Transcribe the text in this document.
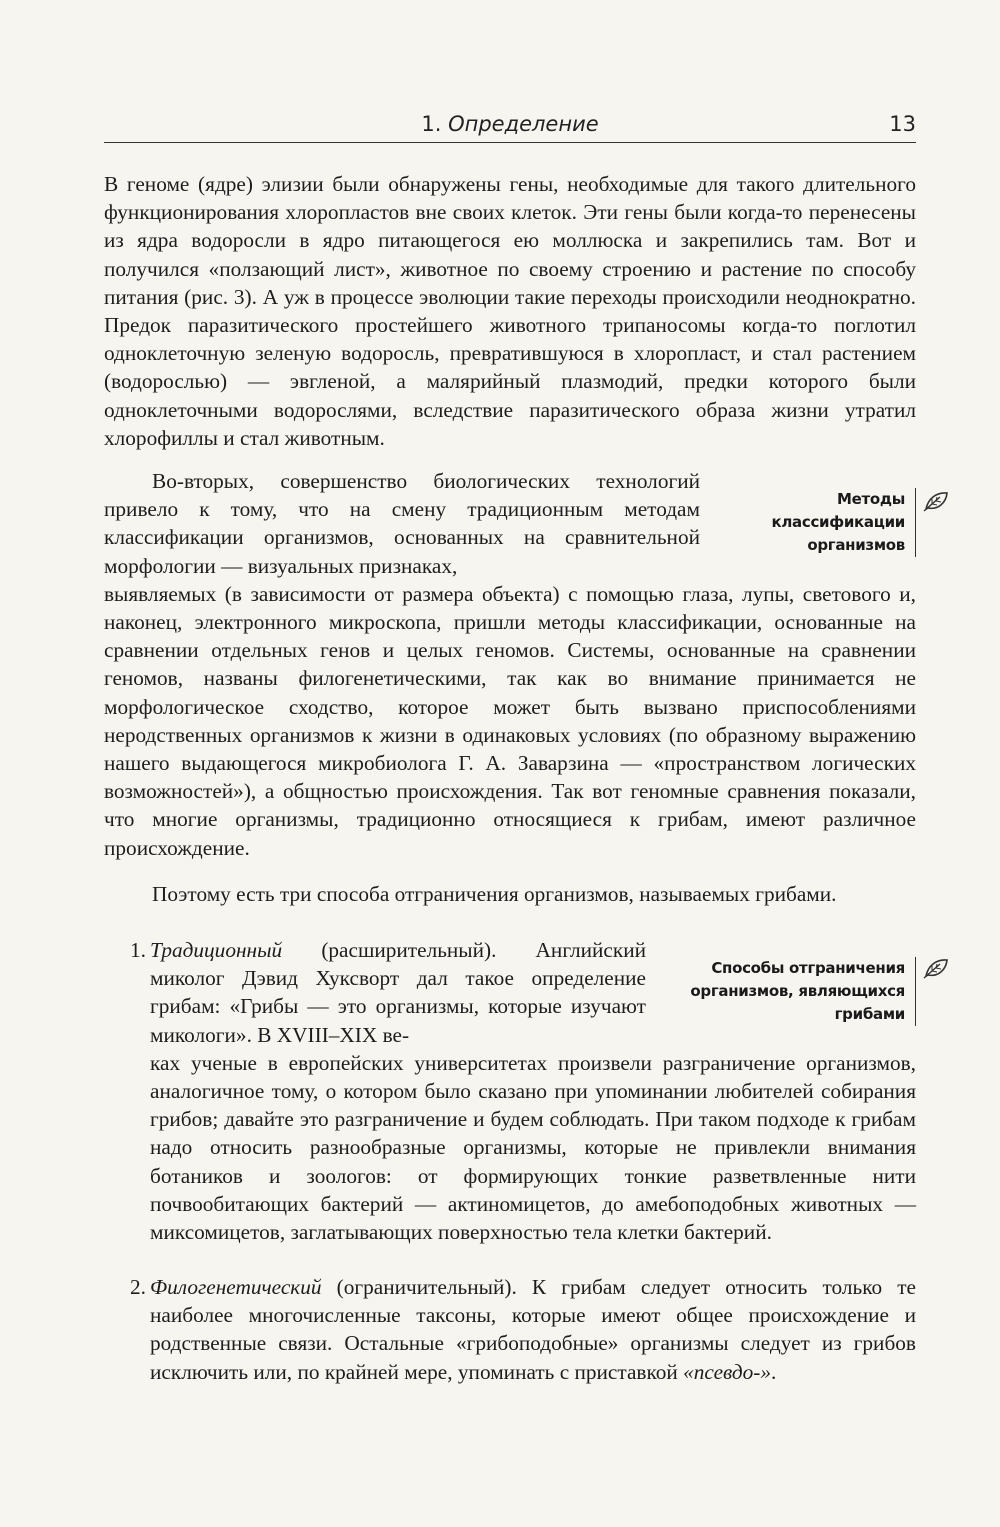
1. Определение	13

В геноме (ядре) элизии были обнаружены гены, необходимые для такого длительного функционирования хлоропластов вне своих клеток. Эти гены были когда-то перенесены из ядра водоросли в ядро питающегося ею моллюска и закрепились там. Вот и получился «ползающий лист», животное по своему строению и растение по способу питания (рис. 3). А уж в процессе эволюции такие переходы происходили неоднократно. Предок паразитического простейшего животного трипаносомы когда-то поглотил одноклеточную зеленую водоросль, превратившуюся в хлоропласт, и стал растением (водорослью) — эвгленой, а малярийный плазмодий, предки которого были одноклеточными водорослями, вследствие паразитического образа жизни утратил хлорофиллы и стал животным.

Во-вторых, совершенство биологических технологий привело к тому, что на смену традиционным методам классификации организмов, основанных на сравнительной морфологии — визуальных признаках,

выявляемых (в зависимости от размера объекта) с помощью глаза, лупы, светового и, наконец, электронного микроскопа, пришли методы классификации, основанные на сравнении отдельных генов и целых геномов. Системы, основанные на сравнении геномов, названы филогенетическими, так как во внимание принимается не морфологическое сходство, которое может быть вызвано приспособлениями неродственных организмов к жизни в одинаковых условиях (по образному выражению нашего выдающегося микробиолога Г. А. Заварзина — «пространством логических возможностей»), а общностью происхождения. Так вот геномные сравнения показали, что многие организмы, традиционно относящиеся к грибам, имеют различное происхождение.

Методы
классификации
организмов

Поэтому есть три способа отграничения организмов, называемых грибами.

1. Традиционный (расширительный). Английский миколог Дэвид Хуксворт дал такое определение грибам: «Грибы — это организмы, которые изучают микологи». В XVIII–XIX ве-

ках ученые в европейских университетах произвели разграничение организмов, аналогичное тому, о котором было сказано при упоминании любителей собирания грибов; давайте это разграничение и будем соблюдать. При таком подходе к грибам надо относить разнообразные организмы, которые не привлекли внимания ботаников и зоологов: от формирующих тонкие разветвленные нити почвообитающих бактерий — актиномицетов, до амебоподобных животных — миксомицетов, заглатывающих поверхностью тела клетки бактерий.

Способы отграничения
организмов, являющихся
грибами
2. Филогенетический (ограничительный). К грибам следует относить только те наиболее многочисленные таксоны, которые имеют общее происхождение и родственные связи. Остальные «грибоподобные» организмы следует из грибов исключить или, по крайней мере, упоминать с приставкой «псевдо-».
